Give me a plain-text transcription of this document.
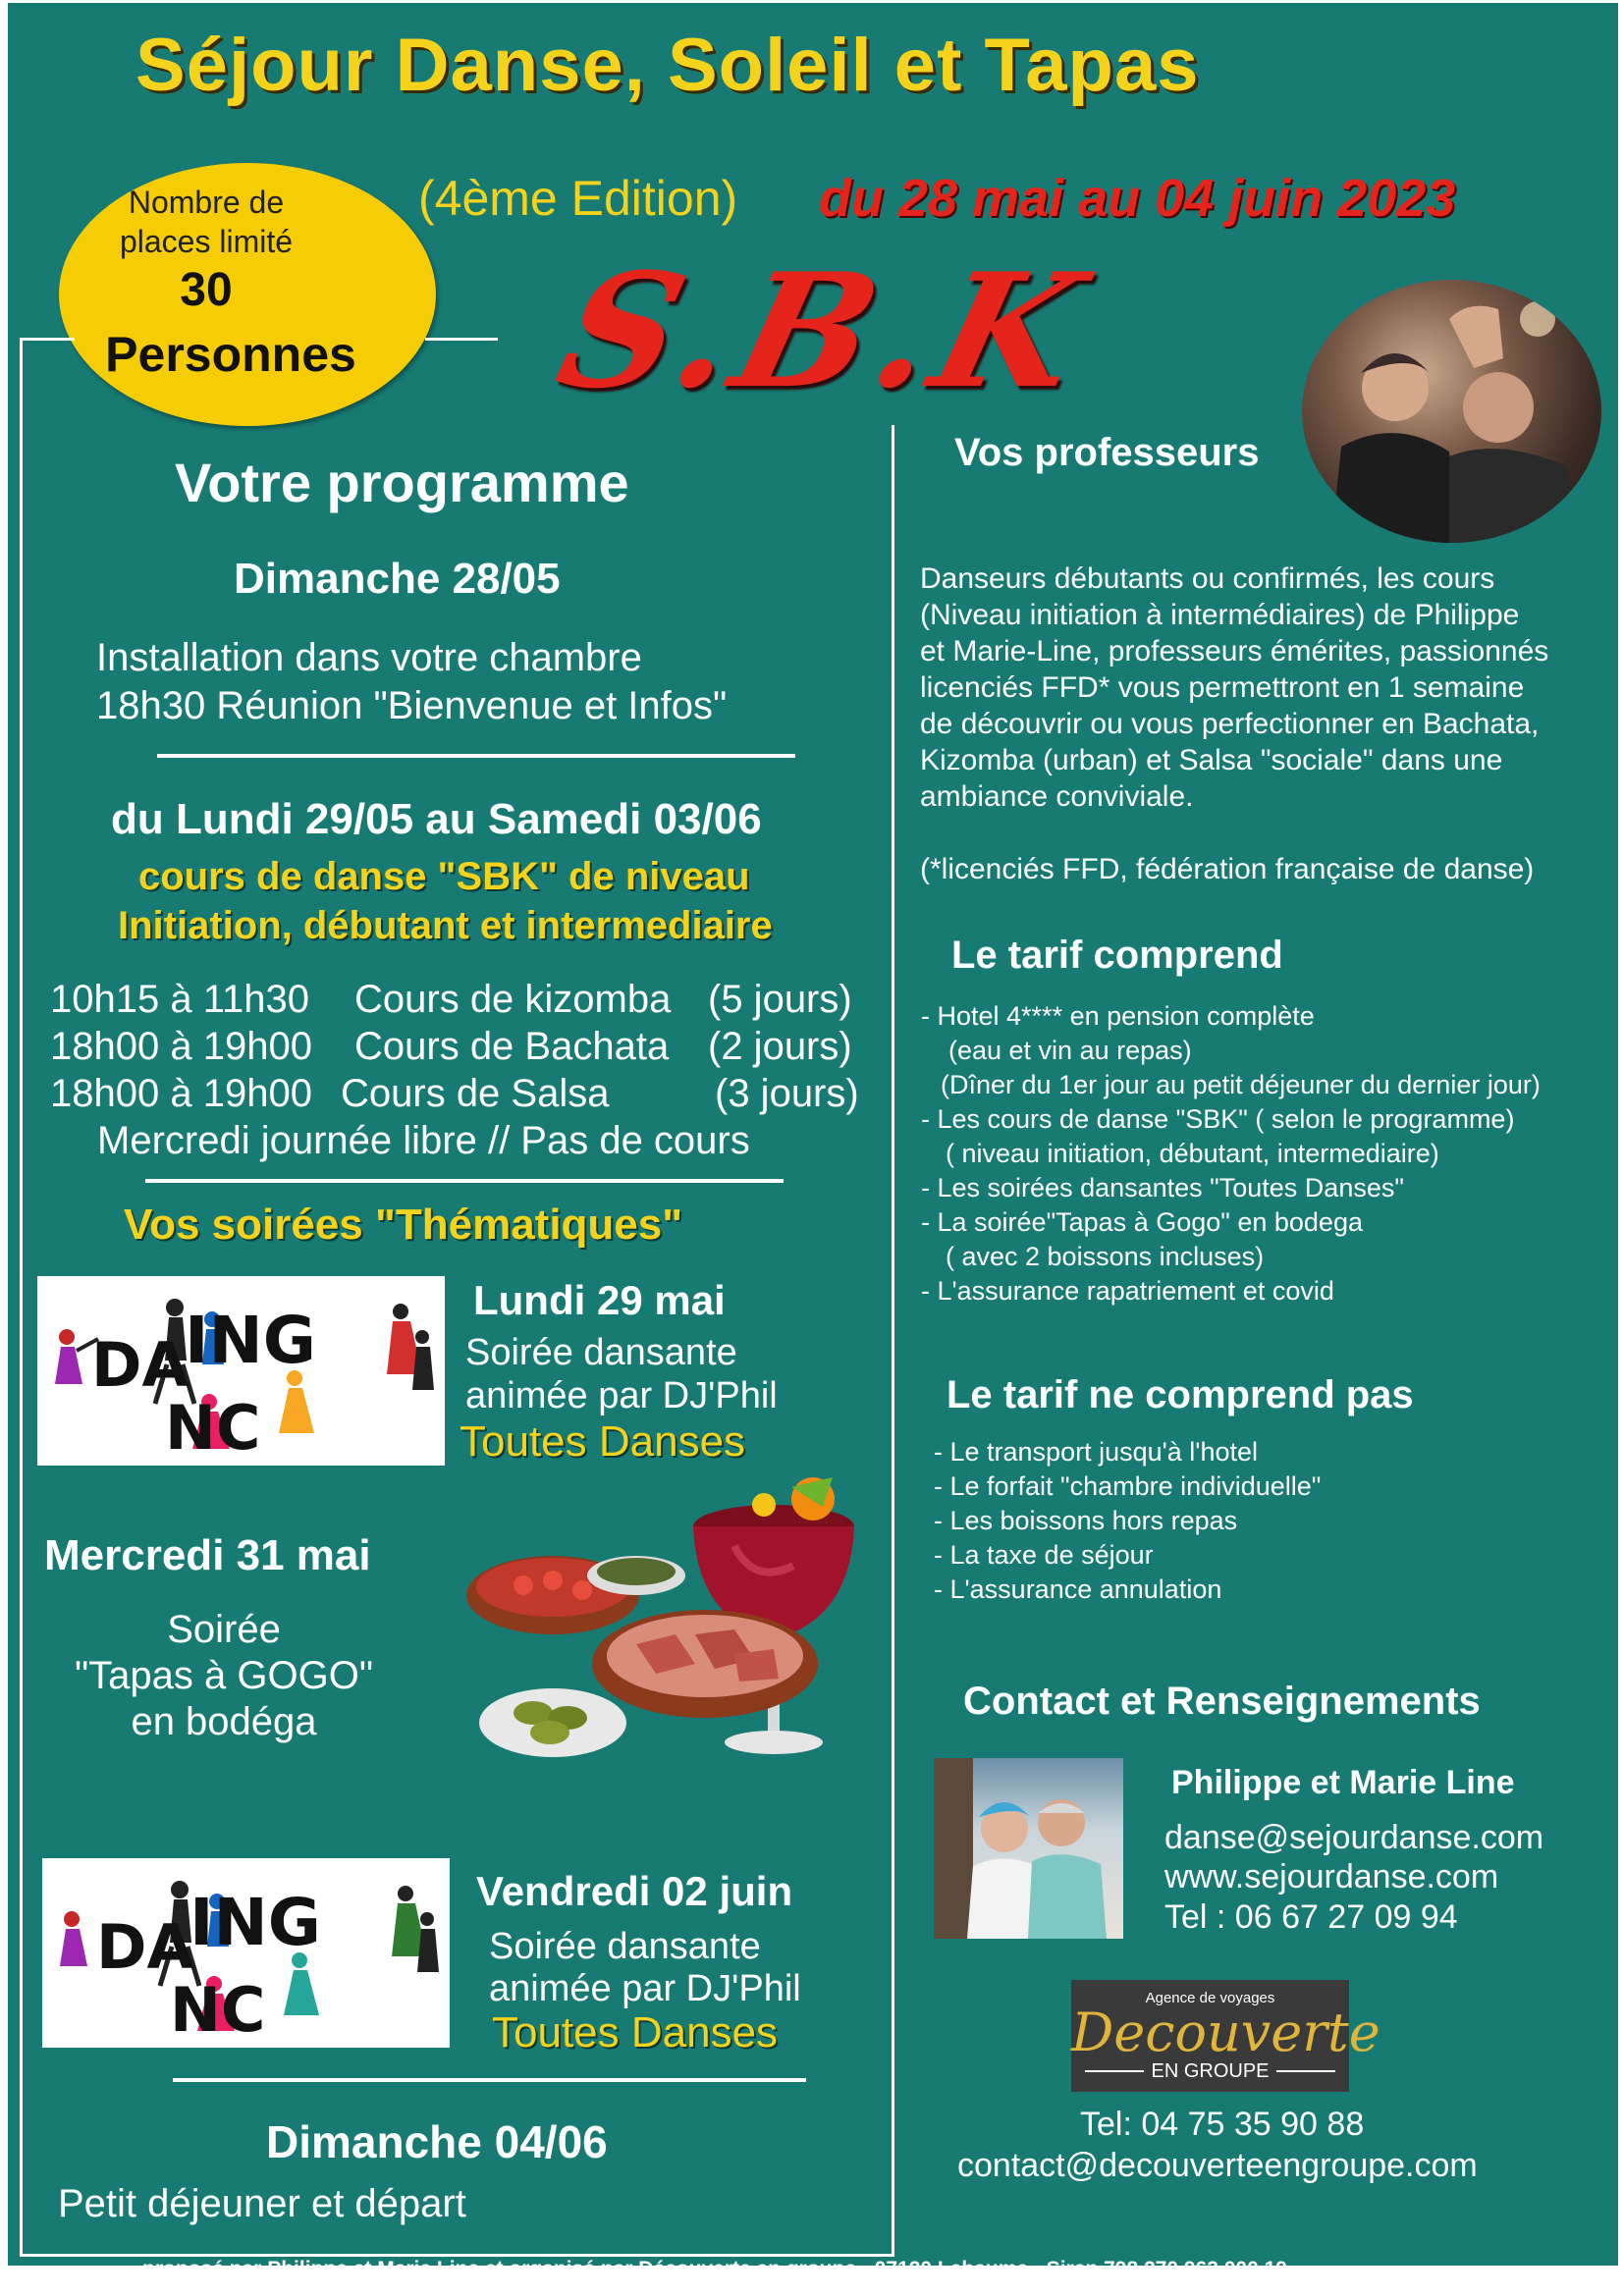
Séjour Danse, Soleil et Tapas
Nombre de
places limité
30
Personnes
(4ème Edition) du 28 mai au 04 juin 2023
S.B.K
Votre programme
Dimanche 28/05
Installation dans votre chambre
18h30 Réunion "Bienvenue et Infos"
du Lundi 29/05 au Samedi 03/06
cours de danse "SBK" de niveau
Initiation, débutant et intermediaire
10h15 à 11h30 Cours de kizomba (5 jours)
18h00 à 19h00 Cours de Bachata (2 jours)
18h00 à 19h00 Cours de Salsa	(3 jours)
Mercredi journée libre // Pas de cours
Vos soirées "Thématiques"
DA
ING
NC
Lundi 29 mai
Soirée dansante
animée par DJ'Phil
Toutes Danses
Mercredi 31 mai
Soirée
"Tapas à GOGO"
en bodéga
DA
ING
NC
Vendredi 02 juin
Soirée dansante
animée par DJ'Phil
Toutes Danses
Dimanche 04/06
Petit déjeuner et départ
Vos professeurs
Danseurs débutants ou confirmés, les cours
(Niveau initiation à intermédiaires) de Philippe
et Marie-Line, professeurs émérites, passionnés
licenciés FFD* vous permettront en 1 semaine
de découvrir ou vous perfectionner en Bachata,
Kizomba (urban) et Salsa "sociale" dans une
ambiance conviviale.
(*licenciés FFD, fédération française de danse)
Le tarif comprend
- Hotel 4**** en pension complète
(eau et vin au repas)
(Dîner du 1er jour au petit déjeuner du dernier jour)
- Les cours de danse "SBK" ( selon le programme)
( niveau initiation, débutant, intermediaire)
- Les soirées dansantes "Toutes Danses"
- La soirée"Tapas à Gogo" en bodega
( avec 2 boissons incluses)
- L'assurance rapatriement et covid
Le tarif ne comprend pas
- Le transport jusqu'à l'hotel
- Le forfait "chambre individuelle"
- Les boissons hors repas
- La taxe de séjour
- L'assurance annulation
Contact et Renseignements
Philippe et Marie Line
danse@sejourdanse.com
www.sejourdanse.com
Tel : 06 67 27 09 94
Agence de voyages
Decouverte
EN GROUPE
Tel: 04 75 35 90 88
contact@decouverteengroupe.com
proposé par Philippe et Marie Line et organisé par Découverte en groupe - 07120 Labaume - Siren 798 270 963 000 19
